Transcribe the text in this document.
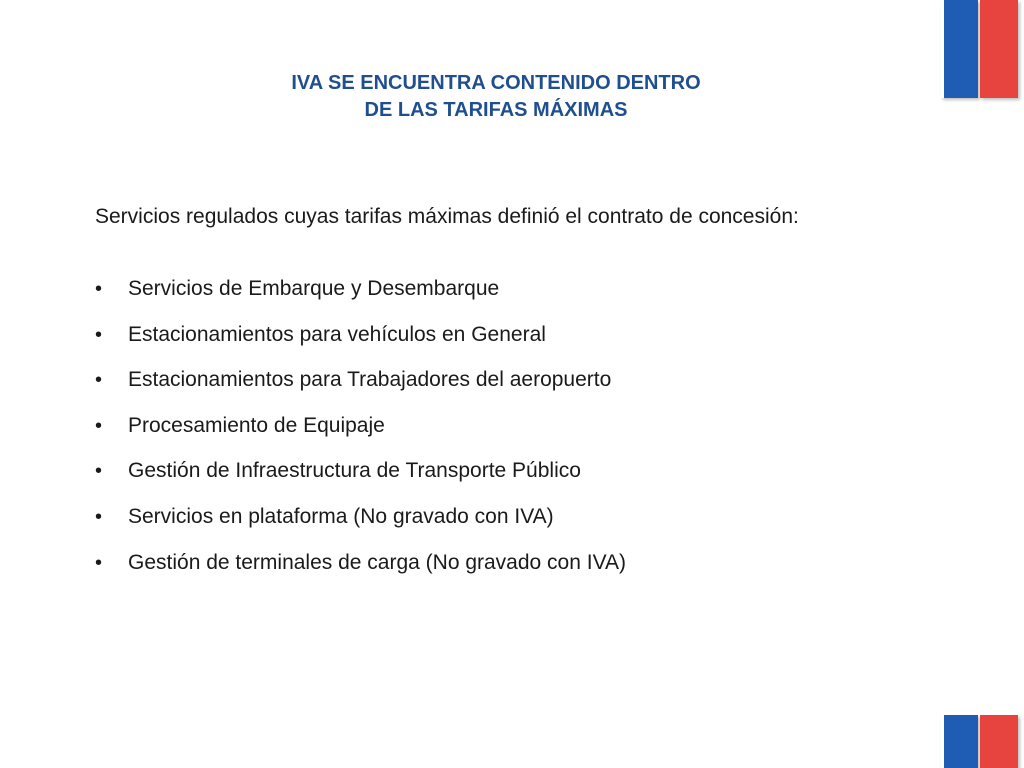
IVA SE ENCUENTRA CONTENIDO DENTRO
DE LAS TARIFAS MÁXIMAS

Servicios regulados cuyas tarifas máximas definió el contrato de concesión:

•	Servicios de Embarque y Desembarque
•	Estacionamientos para vehículos en General
•	Estacionamientos para Trabajadores del aeropuerto
•	Procesamiento de Equipaje
•	Gestión de Infraestructura de Transporte Público
•	Servicios en plataforma (No gravado con IVA)
•	Gestión de terminales de carga (No gravado con IVA)
